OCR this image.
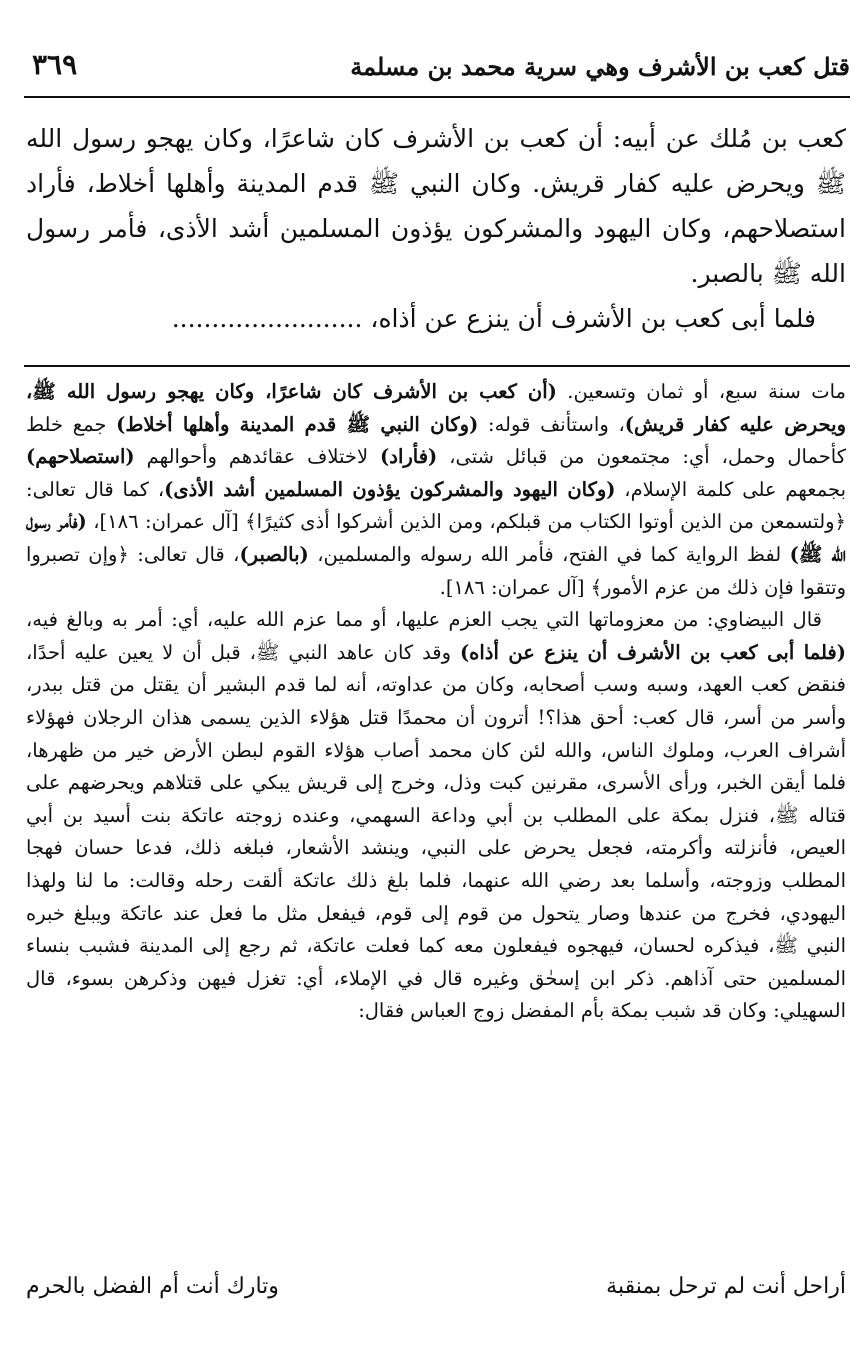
قتل كعب بن الأشرف وهي سرية محمد بن مسلمة
٣٦٩

كعب بن مُلك عن أبيه: أن كعب بن الأشرف كان شاعرًا، وكان يهجو رسول الله ﷺ ويحرض عليه كفار قريش. وكان النبي ﷺ قدم المدينة وأهلها أخلاط، فأراد استصلاحهم، وكان اليهود والمشركون يؤذون المسلمين أشد الأذى، فأمر رسول الله ﷺ بالصبر.

فلما أبى كعب بن الأشرف أن ينزع عن أذاه، ........................

مات سنة سبع، أو ثمان وتسعين. (أن كعب بن الأشرف كان شاعرًا، وكان يهجو رسول الله ﷺ، ويحرض عليه كفار قريش)، واستأنف قوله: (وكان النبي ﷺ قدم المدينة وأهلها أخلاط) جمع خلط كأحمال وحمل، أي: مجتمعون من قبائل شتى، (فأراد) لاختلاف عقائدهم وأحوالهم (استصلاحهم) بجمعهم على كلمة الإسلام، (وكان اليهود والمشركون يؤذون المسلمين أشد الأذى)، كما قال تعالى: ﴿ولتسمعن من الذين أوتوا الكتاب من قبلكم، ومن الذين أشركوا أذى كثيرًا﴾ [آل عمران: ١٨٦]، (فأمر رسول الله ﷺ) لفظ الرواية كما في الفتح، فأمر الله رسوله والمسلمين، (بالصبر)، قال تعالى: ﴿وإن تصبروا وتتقوا فإن ذلك من عزم الأمور﴾ [آل عمران: ١٨٦].

قال البيضاوي: من معزوماتها التي يجب العزم عليها، أو مما عزم الله عليه، أي: أمر به وبالغ فيه، (فلما أبى كعب بن الأشرف أن ينزع عن أذاه) وقد كان عاهد النبي ﷺ، قبل أن لا يعين عليه أحدًا، فنقض كعب العهد، وسبه وسب أصحابه، وكان من عداوته، أنه لما قدم البشير أن يقتل من قتل ببدر، وأسر من أسر، قال كعب: أحق هذا؟! أترون أن محمدًا قتل هؤلاء الذين يسمى هذان الرجلان فهؤلاء أشراف العرب، وملوك الناس، والله لئن كان محمد أصاب هؤلاء القوم لبطن الأرض خير من ظهرها، فلما أيقن الخبر، ورأى الأسرى، مقرنين كبت وذل، وخرج إلى قريش يبكي على قتلاهم ويحرضهم على قتاله ﷺ، فنزل بمكة على المطلب بن أبي وداعة السهمي، وعنده زوجته عاتكة بنت أسيد بن أبي العيص، فأنزلته وأكرمته، فجعل يحرض على النبي، وينشد الأشعار، فبلغه ذلك، فدعا حسان فهجا المطلب وزوجته، وأسلما بعد رضي الله عنهما، فلما بلغ ذلك عاتكة ألقت رحله وقالت: ما لنا ولهذا اليهودي، فخرج من عندها وصار يتحول من قوم إلى قوم، فيفعل مثل ما فعل عند عاتكة ويبلغ خبره النبي ﷺ، فيذكره لحسان، فيهجوه فيفعلون معه كما فعلت عاتكة، ثم رجع إلى المدينة فشبب بنساء المسلمين حتى آذاهم. ذكر ابن إسحٰق وغيره قال في الإملاء، أي: تغزل فيهن وذكرهن بسوء، قال السهيلي: وكان قد شبب بمكة بأم المفضل زوج العباس فقال:

أراحل أنت لم ترحل بمنقبة
وتارك أنت أم الفضل بالحرم
